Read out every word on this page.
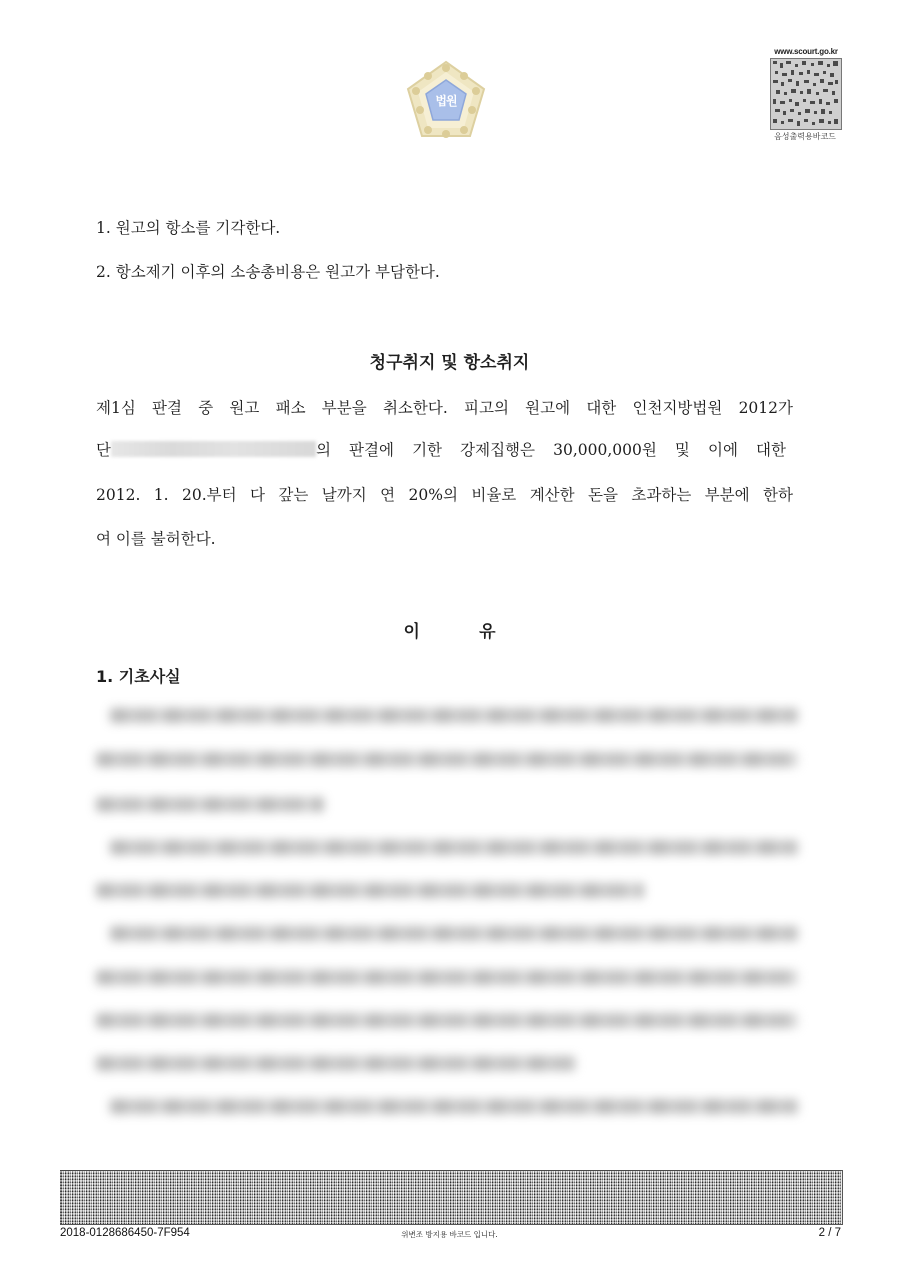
법원
www.scourt.go.kr
음성출력용바코드
1. 원고의 항소를 기각한다.
2. 항소제기 이후의 소송총비용은 원고가 부담한다.
청구취지 및 항소취지
제1심 판결 중 원고 패소 부분을 취소한다. 피고의 원고에 대한 인천지방법원 2012가
단	의 판결에 기한 강제집행은 30,000,000원 및 이에 대한
2012. 1. 20.부터 다 갚는 날까지 연 20%의 비율로 계산한 돈을 초과하는 부분에 한하
여 이를 불허한다.
이          유
1. 기초사실
2018-0128686450-7F954	위변조 방지용 바코드 입니다.	2 / 7
